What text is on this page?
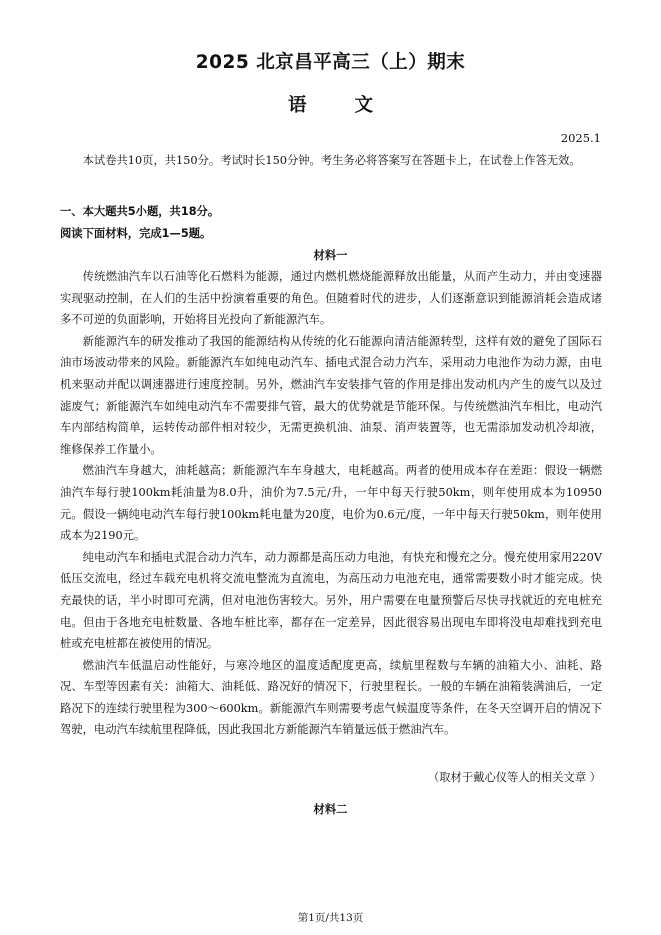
2025 北京昌平高三（上）期末
语	文
2025.1

本试卷共10页，共150分。考试时长150分钟。考生务必将答案写在答题卡上，在试卷上作答无效。

一、本大题共5小题，共18分。
阅读下面材料，完成1—5题。
材料一

传统燃油汽车以石油等化石燃料为能源，通过内燃机燃烧能源释放出能量，从而产生动力，并由变速器实现驱动控制，在人们的生活中扮演着重要的角色。但随着时代的进步，人们逐渐意识到能源消耗会造成诸多不可逆的负面影响，开始将目光投向了新能源汽车。

新能源汽车的研发推动了我国的能源结构从传统的化石能源向清洁能源转型，这样有效的避免了国际石油市场波动带来的风险。新能源汽车如纯电动汽车、插电式混合动力汽车，采用动力电池作为动力源，由电机来驱动并配以调速器进行速度控制。另外，燃油汽车安装排气管的作用是排出发动机内产生的废气以及过滤废气；新能源汽车如纯电动汽车不需要排气管，最大的优势就是节能环保。与传统燃油汽车相比，电动汽车内部结构简单，运转传动部件相对较少，无需更换机油、油泵、消声装置等，也无需添加发动机冷却液，维修保养工作量小。

燃油汽车身越大，油耗越高；新能源汽车车身越大，电耗越高。两者的使用成本存在差距：假设一辆燃油汽车每行驶100km耗油量为8.0升，油价为7.5元/升，一年中每天行驶50km，则年使用成本为10950元。假设一辆纯电动汽车每行驶100km耗电量为20度，电价为0.6元/度，一年中每天行驶50km，则年使用成本为2190元。

纯电动汽车和插电式混合动力汽车，动力源都是高压动力电池，有快充和慢充之分。慢充使用家用220V低压交流电，经过车载充电机将交流电整流为直流电，为高压动力电池充电，通常需要数小时才能完成。快充最快的话，半小时即可充满，但对电池伤害较大。另外，用户需要在电量预警后尽快寻找就近的充电桩充电。但由于各地充电桩数量、各地车桩比率，都存在一定差异，因此很容易出现电车即将没电却难找到充电桩或充电桩都在被使用的情况。

燃油汽车低温启动性能好，与寒冷地区的温度适配度更高，续航里程数与车辆的油箱大小、油耗、路况、车型等因素有关：油箱大、油耗低、路况好的情况下，行驶里程长。一般的车辆在油箱装满油后，一定路况下的连续行驶里程为300～600km。新能源汽车则需要考虑气候温度等条件，在冬天空调开启的情况下驾驶，电动汽车续航里程降低，因此我国北方新能源汽车销量远低于燃油汽车。

（取材于戴心仪等人的相关文章 ）
材料二
第1页/共13页
